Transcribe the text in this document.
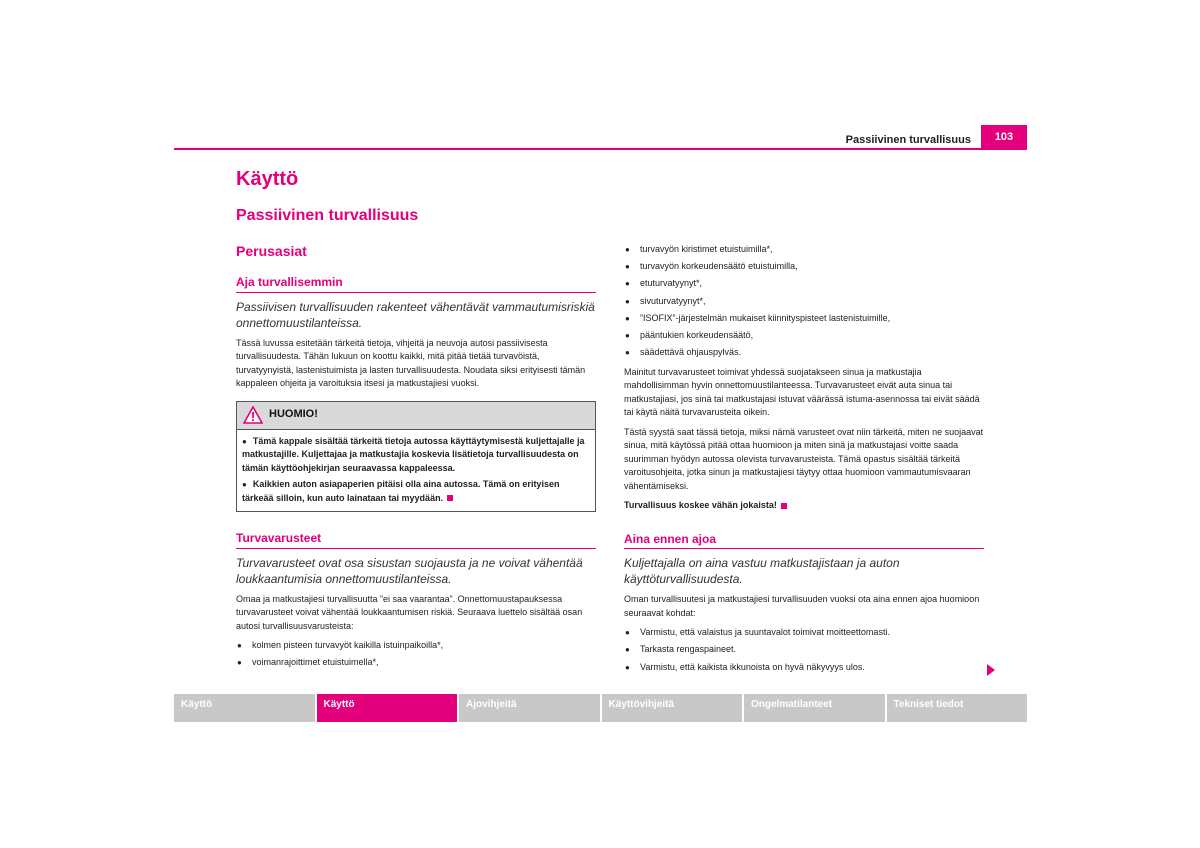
Passiivinen turvallisuus	103
Käyttö
Passiivinen turvallisuus
Perusasiat
Aja turvallisemmin

Passiivisen turvallisuuden rakenteet vähentävät vammautumisriskiä onnettomuustilanteissa.

Tässä luvussa esitetään tärkeitä tietoja, vihjeitä ja neuvoja autosi passiivisesta turvallisuudesta. Tähän lukuun on koottu kaikki, mitä pitää tietää turvavöistä, turvatyynyistä, lastenistuimista ja lasten turvallisuudesta. Noudata siksi erityisesti tämän kappaleen ohjeita ja varoituksia itsesi ja matkustajiesi vuoksi.

HUOMIO!

● Tämä kappale sisältää tärkeitä tietoja autossa käyttäytymisestä kuljettajalle ja matkustajille. Kuljettajaa ja matkustajia koskevia lisätietoja turvallisuudesta on tämän käyttöohjekirjan seuraavassa kappaleessa.

● Kaikkien auton asiapaperien pitäisi olla aina autossa. Tämä on erityisen tärkeää silloin, kun auto lainataan tai myydään.

Turvavarusteet

Turvavarusteet ovat osa sisustan suojausta ja ne voivat vähentää loukkaantumisia onnettomuustilanteissa.

Omaa ja matkustajiesi turvallisuutta ”ei saa vaarantaa”. Onnettomuustapauksessa turvavarusteet voivat vähentää loukkaantumisen riskiä. Seuraava luettelo sisältää osan autosi turvallisuusvarusteista:

● kolmen pisteen turvavyöt kaikilla istuinpaikoilla*,
● voimanrajoittimet etuistuimella*,
● turvavyön kiristimet etuistuimilla*,
● turvavyön korkeudensäätö etuistuimilla,
● etuturvatyynyt*,
● sivuturvatyynyt*,
● ”ISOFIX”-järjestelmän mukaiset kiinnityspisteet lastenistuimille,
● pääntukien korkeudensäätö,
● säädettävä ohjauspylväs.

Mainitut turvavarusteet toimivat yhdessä suojatakseen sinua ja matkustajia mahdollisimman hyvin onnettomuustilanteessa. Turvavarusteet eivät auta sinua tai matkustajiasi, jos sinä tai matkustajasi istuvat väärässä istuma-asennossa tai eivät säädä tai käytä näitä turvavarusteita oikein.

Tästä syystä saat tässä tietoja, miksi nämä varusteet ovat niin tärkeitä, miten ne suojaavat sinua, mitä käytössä pitää ottaa huomioon ja miten sinä ja matkustajasi voitte saada suurimman hyödyn autossa olevista turvavarusteista. Tämä opastus sisältää tärkeitä varoitusohjeita, jotka sinun ja matkustajiesi täytyy ottaa huomioon vammautumisvaaran vähentämiseksi.

Turvallisuus koskee vähän jokaista!

Aina ennen ajoa

Kuljettajalla on aina vastuu matkustajistaan ja auton käyttöturvallisuudesta.

Oman turvallisuutesi ja matkustajiesi turvallisuuden vuoksi ota aina ennen ajoa huomioon seuraavat kohdat:

● Varmistu, että valaistus ja suuntavalot toimivat moitteettomasti.
● Tarkasta rengaspaineet.
● Varmistu, että kaikista ikkunoista on hyvä näkyvyys ulos.
Käyttö	Käyttö	Ajovihjeitä	Käyttövihjeitä	Ongelmatilanteet	Tekniset tiedot
